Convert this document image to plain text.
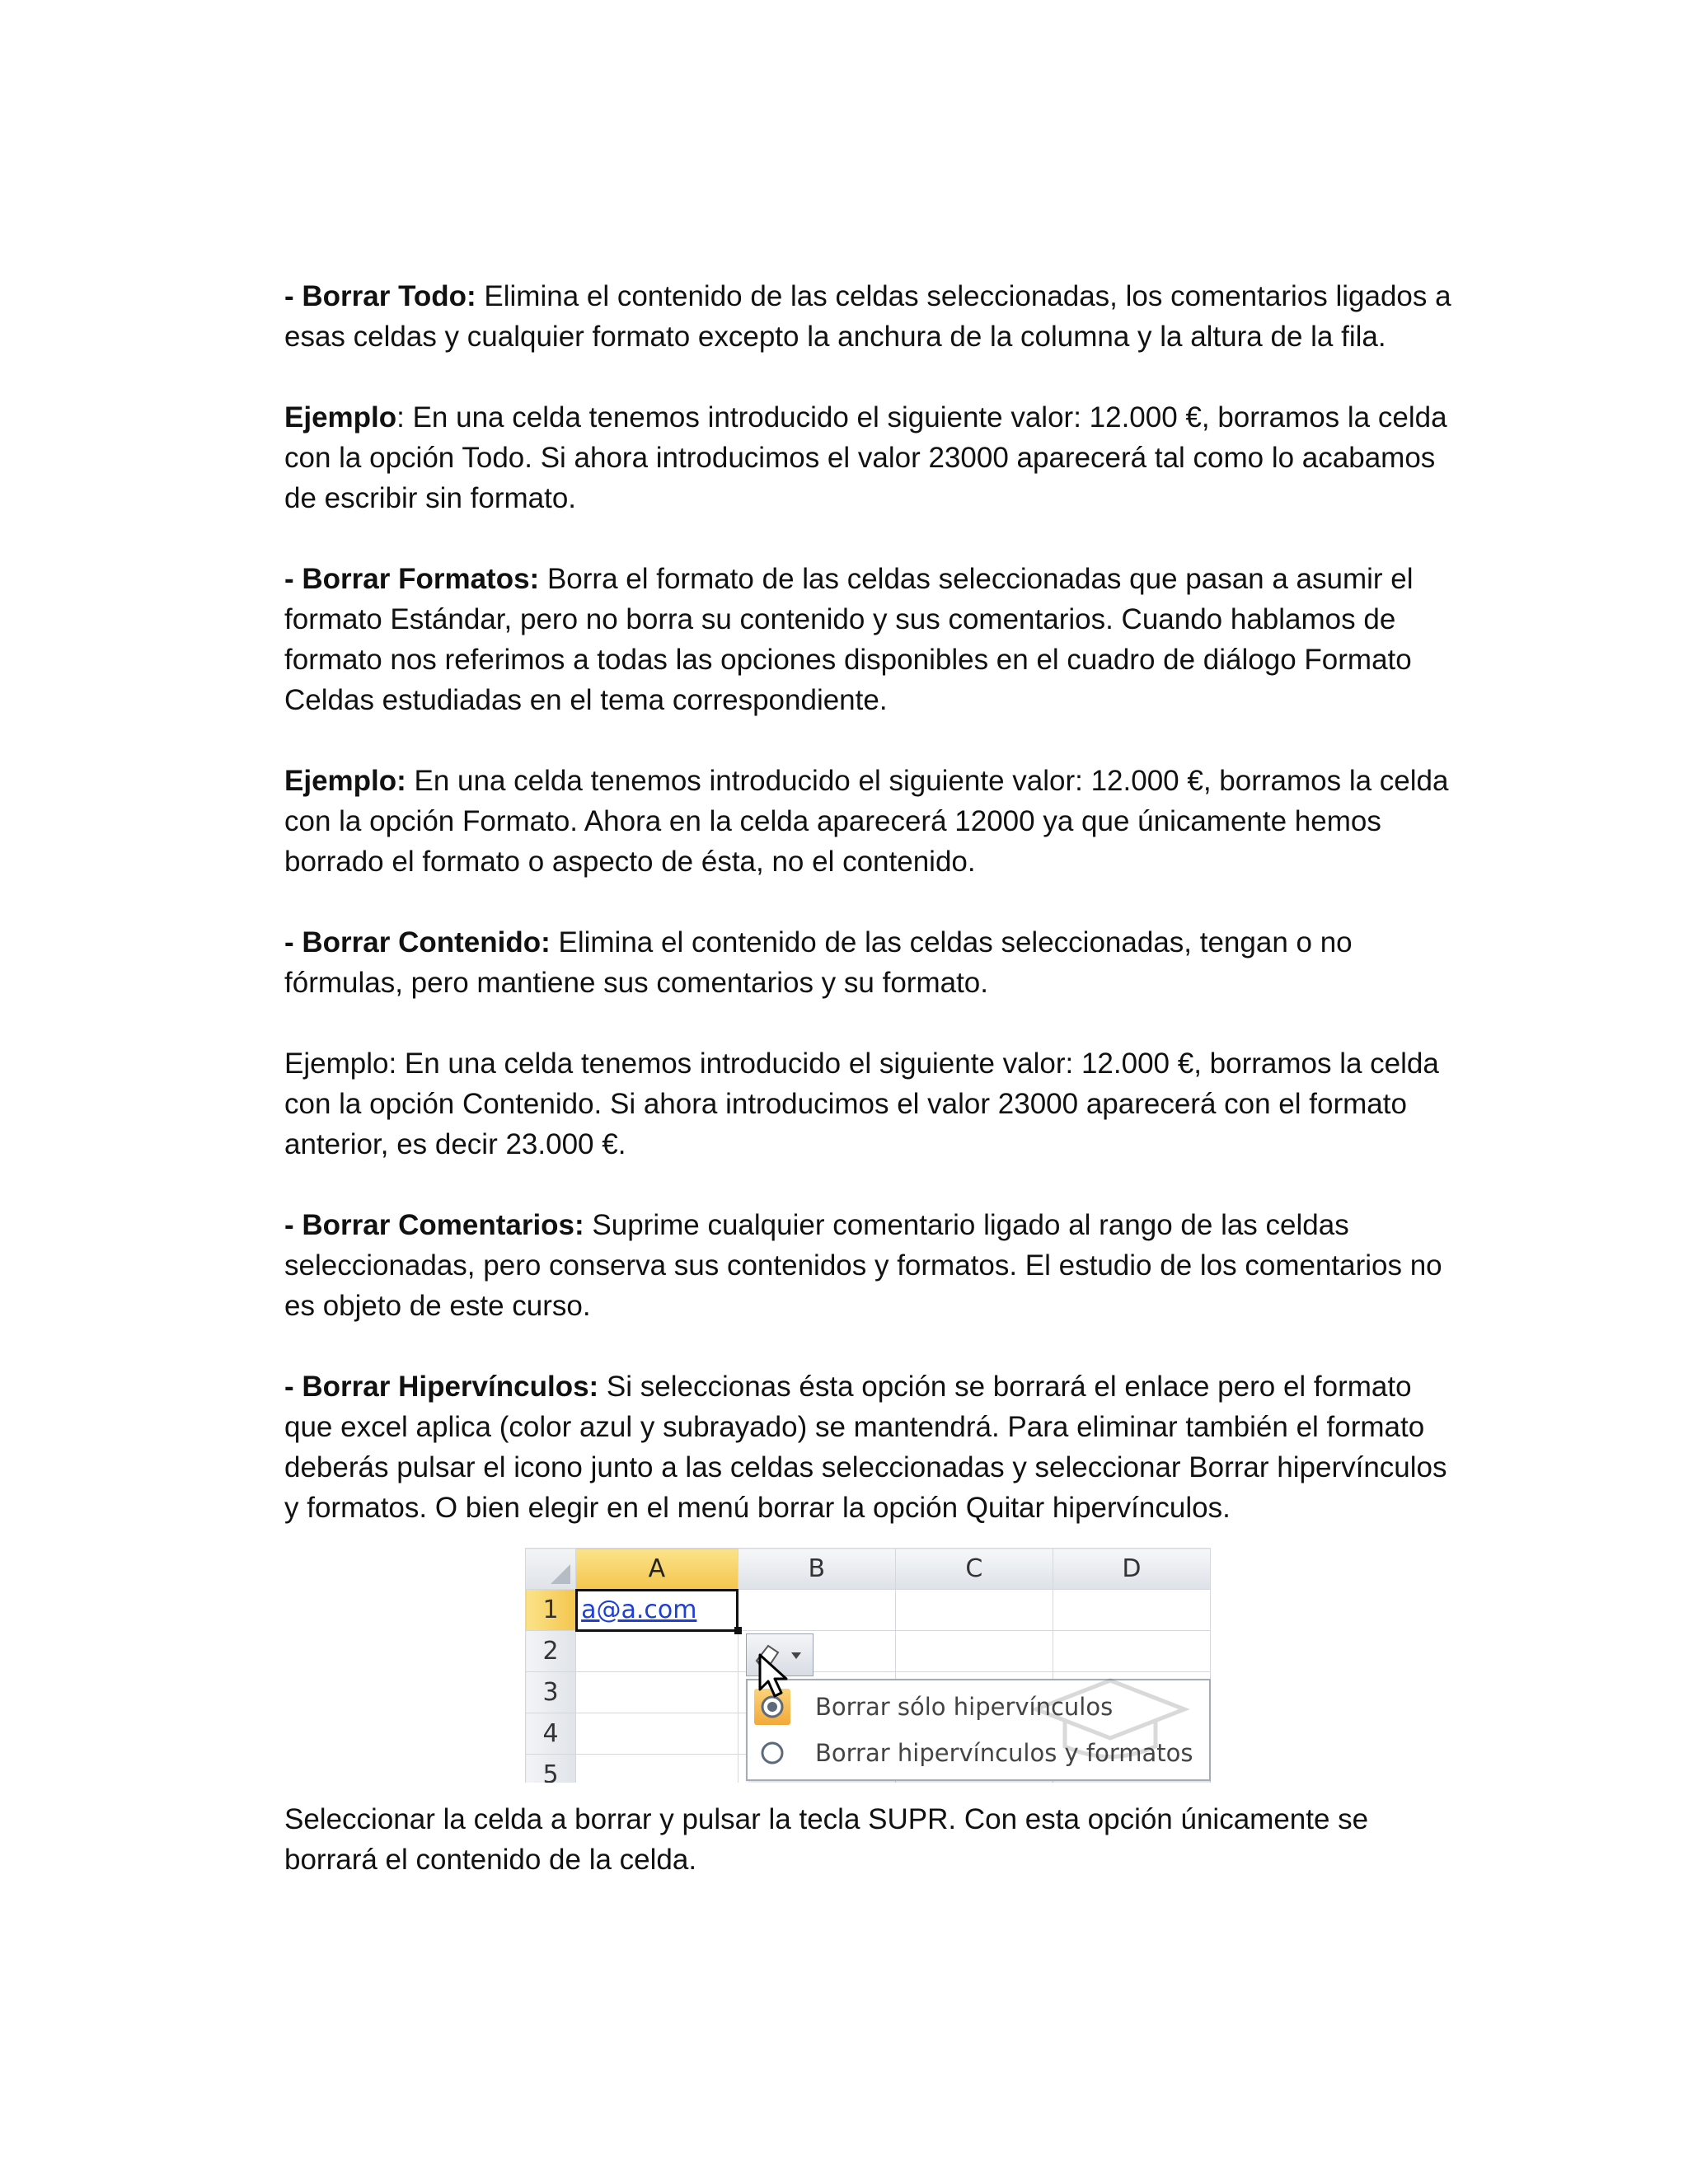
- Borrar Todo: Elimina el contenido de las celdas seleccionadas, los comentarios ligados a esas celdas y cualquier formato excepto la anchura de la columna y la altura de la fila.

Ejemplo: En una celda tenemos introducido el siguiente valor: 12.000 €, borramos la celda con la opción Todo. Si ahora introducimos el valor 23000 aparecerá tal como lo acabamos de escribir sin formato.

- Borrar Formatos: Borra el formato de las celdas seleccionadas que pasan a asumir el formato Estándar, pero no borra su contenido y sus comentarios. Cuando hablamos de formato nos referimos a todas las opciones disponibles en el cuadro de diálogo Formato Celdas estudiadas en el tema correspondiente.

Ejemplo: En una celda tenemos introducido el siguiente valor: 12.000 €, borramos la celda con la opción Formato. Ahora en la celda aparecerá 12000 ya que únicamente hemos borrado el formato o aspecto de ésta, no el contenido.

- Borrar Contenido: Elimina el contenido de las celdas seleccionadas, tengan o no fórmulas, pero mantiene sus comentarios y su formato.

Ejemplo: En una celda tenemos introducido el siguiente valor: 12.000 €, borramos la celda con la opción Contenido. Si ahora introducimos el valor 23000 aparecerá con el formato anterior, es decir 23.000 €.

- Borrar Comentarios: Suprime cualquier comentario ligado al rango de las celdas seleccionadas, pero conserva sus contenidos y formatos. El estudio de los comentarios no es objeto de este curso.

- Borrar Hipervínculos: Si seleccionas ésta opción se borrará el enlace pero el formato que excel aplica (color azul y subrayado) se mantendrá. Para eliminar también el formato deberás pulsar el icono junto a las celdas seleccionadas y seleccionar Borrar hipervínculos y formatos. O bien elegir en el menú borrar la opción Quitar hipervínculos.

	A	B	C	D
1	a@a.com			
2				
3				
4				
5				
Borrar sólo hipervínculos
Borrar hipervínculos y formatos

Seleccionar la celda a borrar y pulsar la tecla SUPR. Con esta opción únicamente se borrará el contenido de la celda.
